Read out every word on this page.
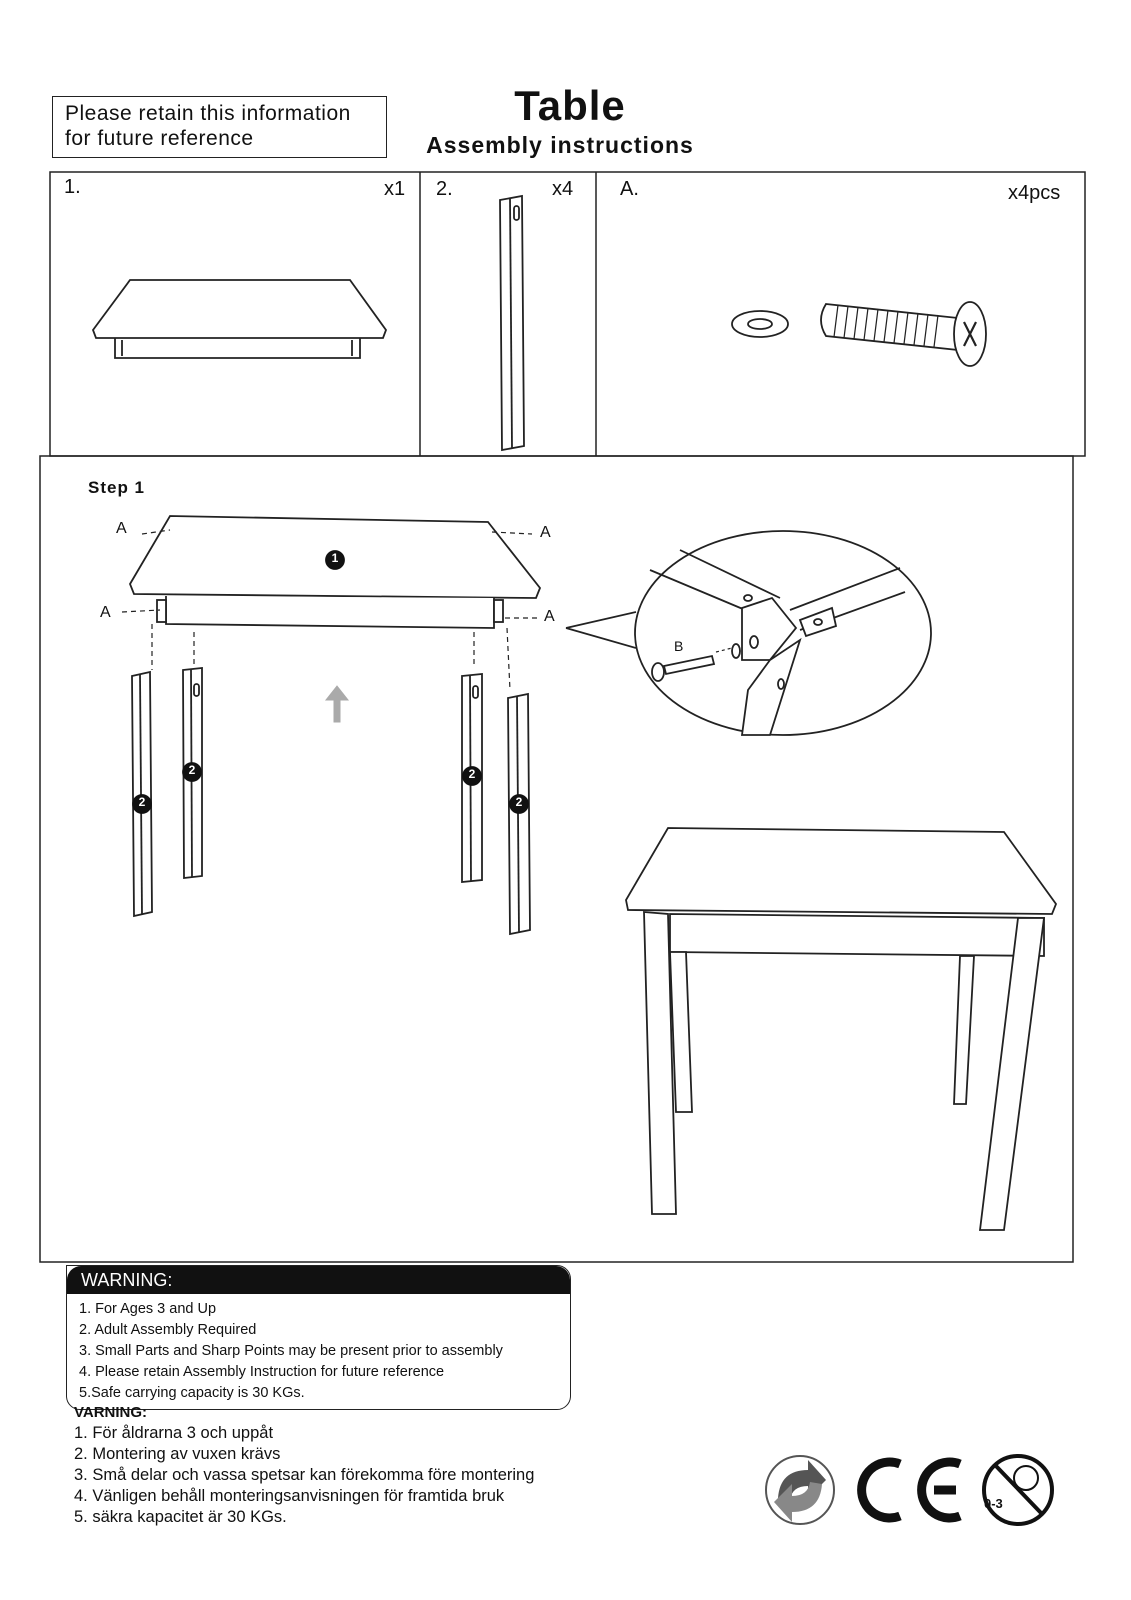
Please retain this information
for future reference
Table
Assembly instructions
1.	x1 2.	x4 A.	x4pcs
Step 1
A	A
A	A
B
1
2
2	2
2
WARNING:
1. For Ages 3 and Up
2. Adult Assembly Required
3. Small Parts and Sharp Points may be present prior to assembly
4. Please retain Assembly Instruction for future reference
5.Safe carrying capacity is 30 KGs.
VARNING:
1. För åldrarna 3 och uppåt
2. Montering av vuxen krävs
3. Små delar och vassa spetsar kan förekomma före montering
4. Vänligen behåll monteringsanvisningen för framtida bruk
5. säkra kapacitet är 30 KGs.
0-3
